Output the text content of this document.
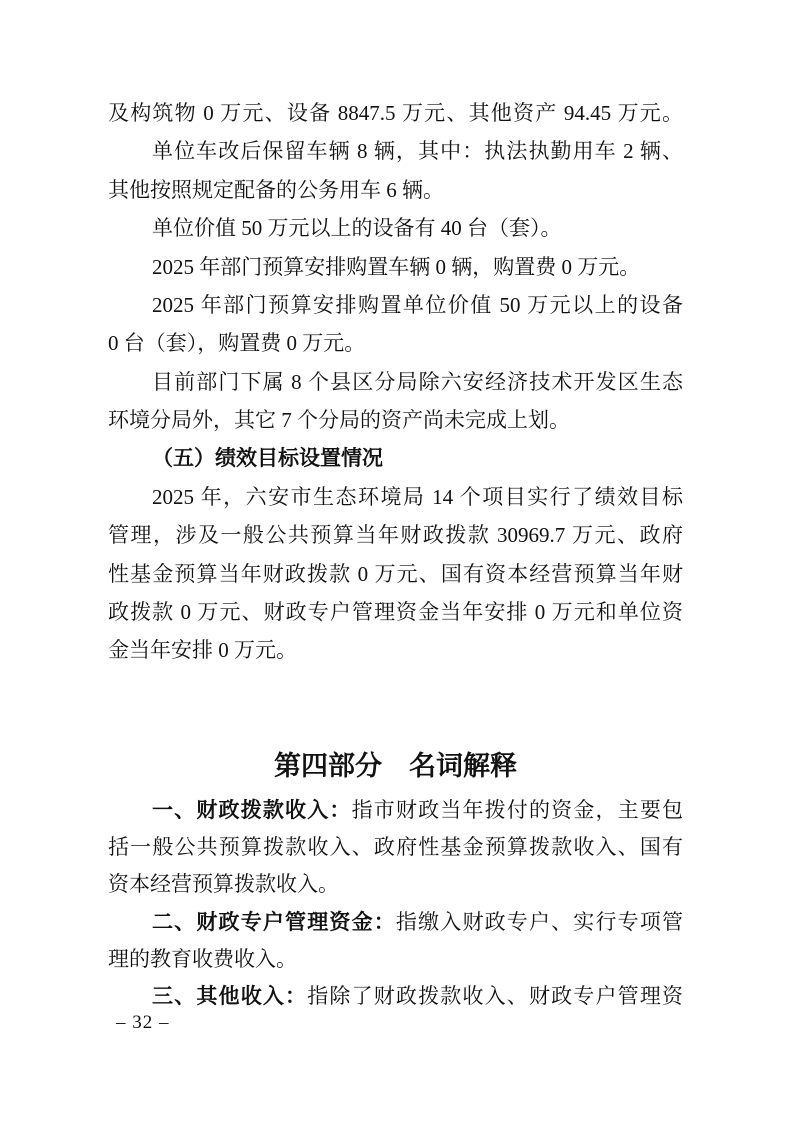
及构筑物 0 万元、设备 8847.5 万元、其他资产 94.45 万元。
单位车改后保留车辆 8 辆，其中：执法执勤用车 2 辆、
其他按照规定配备的公务用车 6 辆。
单位价值 50 万元以上的设备有 40 台（套）。
2025 年部门预算安排购置车辆 0 辆，购置费 0 万元。
2025 年部门预算安排购置单位价值 50 万元以上的设备
0 台（套），购置费 0 万元。
目前部门下属 8 个县区分局除六安经济技术开发区生态
环境分局外，其它 7 个分局的资产尚未完成上划。
（五）绩效目标设置情况
2025 年，六安市生态环境局 14 个项目实行了绩效目标
管理，涉及一般公共预算当年财政拨款 30969.7 万元、政府
性基金预算当年财政拨款 0 万元、国有资本经营预算当年财
政拨款 0 万元、财政专户管理资金当年安排 0 万元和单位资
金当年安排 0 万元。
第四部分　名词解释
一、财政拨款收入：指市财政当年拨付的资金，主要包
括一般公共预算拨款收入、政府性基金预算拨款收入、国有
资本经营预算拨款收入。
二、财政专户管理资金：指缴入财政专户、实行专项管
理的教育收费收入。
三、其他收入：指除了财政拨款收入、财政专户管理资
– 32 –
